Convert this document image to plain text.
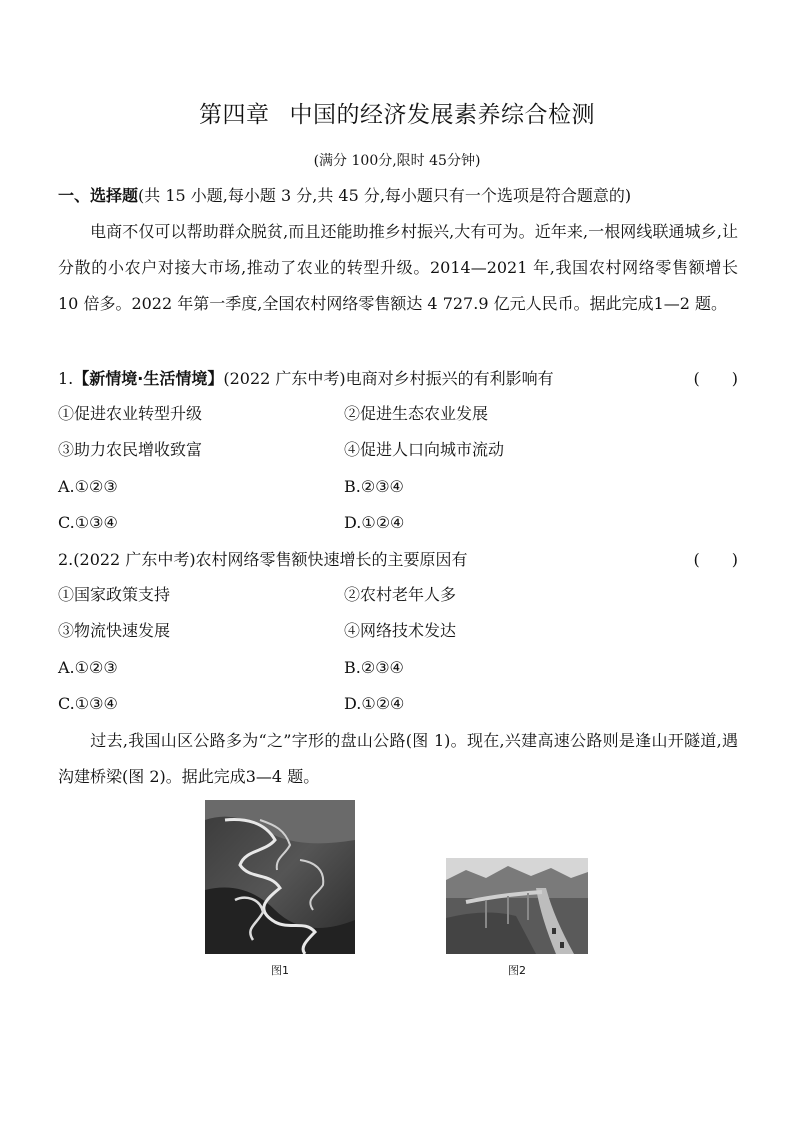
第四章 中国的经济发展素养综合检测
(满分 100分,限时 45分钟)
一、选择题(共 15 小题,每小题 3 分,共 45 分,每小题只有一个选项是符合题意的)
电商不仅可以帮助群众脱贫,而且还能助推乡村振兴,大有可为。近年来,一根网线联通城乡,让分散的小农户对接大市场,推动了农业的转型升级。2014—2021 年,我国农村网络零售额增长 10 倍多。2022 年第一季度,全国农村网络零售额达 4 727.9 亿元人民币。据此完成1—2 题。
1.【新情境·生活情境】(2022 广东中考)电商对乡村振兴的有利影响有	(　　)
①促进农业转型升级	②促进生态农业发展
③助力农民增收致富	④促进人口向城市流动
A.①②③	B.②③④
C.①③④	D.①②④
2.(2022 广东中考)农村网络零售额快速增长的主要原因有	(　　)
①国家政策支持	②农村老年人多
③物流快速发展	④网络技术发达
A.①②③	B.②③④
C.①③④	D.①②④
过去,我国山区公路多为“之”字形的盘山公路(图 1)。现在,兴建高速公路则是逢山开隧道,遇沟建桥梁(图 2)。据此完成3—4 题。
图1	图2
